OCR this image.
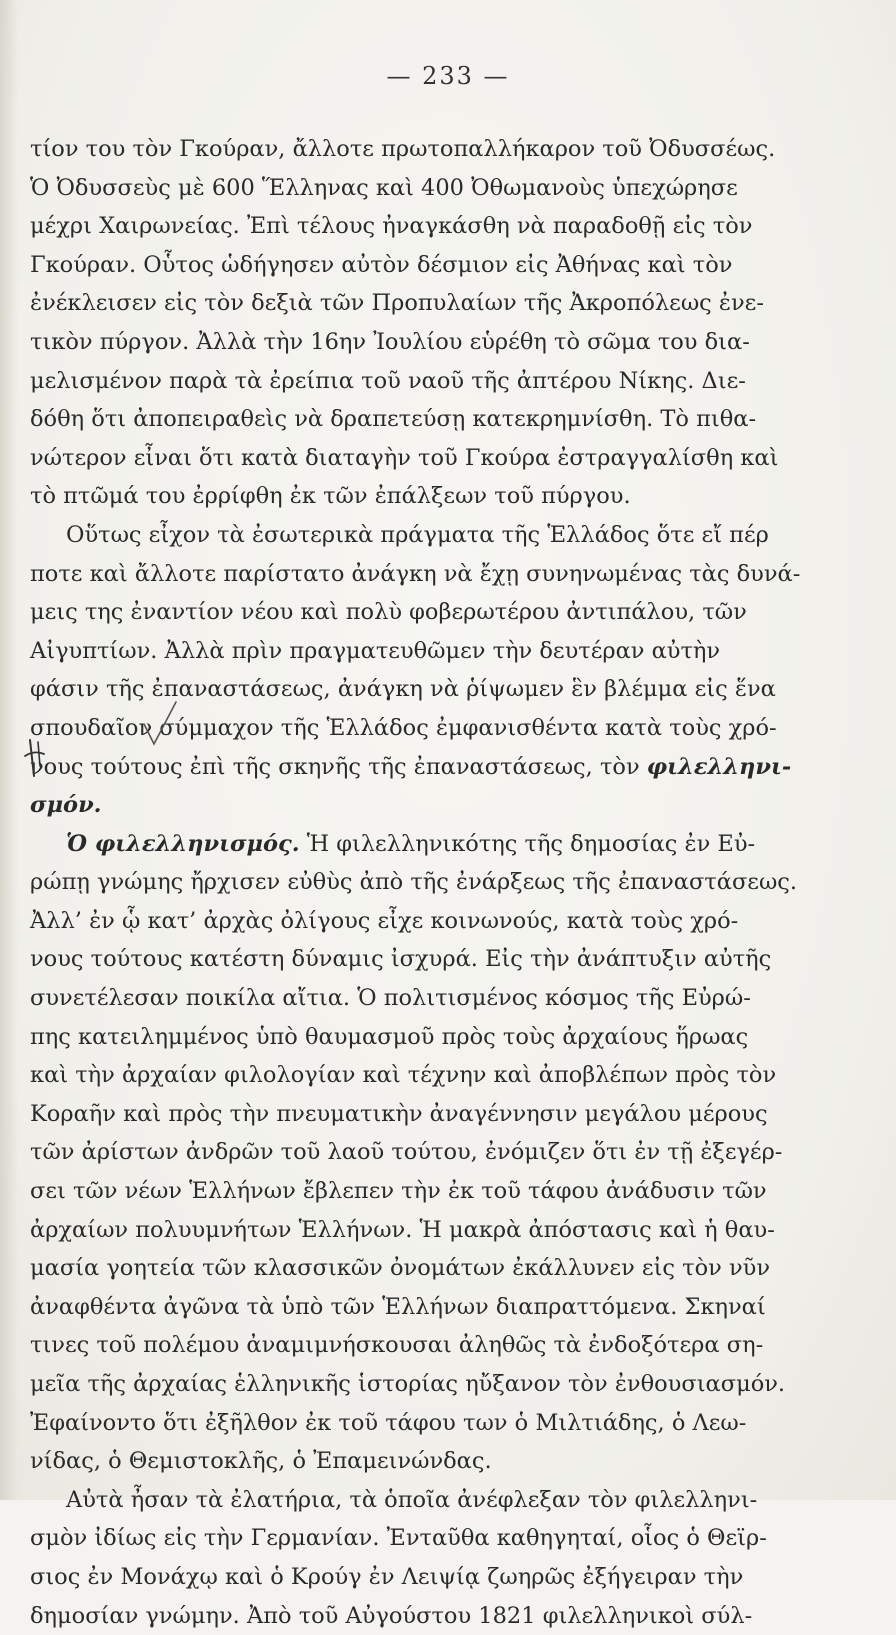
— 233 —
τίον του τὸν Γκούραν, ἄλλοτε πρωτοπαλλήκαρον τοῦ Ὀδυσσέως.
Ὁ Ὀδυσσεὺς μὲ 600 Ἕλληνας καὶ 400 Ὀθωμανοὺς ὑπεχώρησε
μέχρι Χαιρωνείας. Ἐπὶ τέλους ἠναγκάσθη νὰ παραδοθῇ εἰς τὸν
Γκούραν. Οὗτος ὡδήγησεν αὐτὸν δέσμιον εἰς Ἀθήνας καὶ τὸν
ἐνέκλεισεν εἰς τὸν δεξιὰ τῶν Προπυλαίων τῆς Ἀκροπόλεως ἐνε-
τικὸν πύργον. Ἀλλὰ τὴν 16ην Ἰουλίου εὑρέθη τὸ σῶμα του δια-
μελισμένον παρὰ τὰ ἐρείπια τοῦ ναοῦ τῆς ἀπτέρου Νίκης. Διε-
δόθη ὅτι ἀποπειραθεὶς νὰ δραπετεύσῃ κατεκρημνίσθη. Τὸ πιθα-
νώτερον εἶναι ὅτι κατὰ διαταγὴν τοῦ Γκούρα ἐστραγγαλίσθη καὶ
τὸ πτῶμά του ἐρρίφθη ἐκ τῶν ἐπάλξεων τοῦ πύργου.
Οὕτως εἶχον τὰ ἐσωτερικὰ πράγματα τῆς Ἑλλάδος ὅτε εἴ πέρ
ποτε καὶ ἄλλοτε παρίστατο ἀνάγκη νὰ ἔχῃ συνηνωμένας τὰς δυνά-
μεις της ἐναντίον νέου καὶ πολὺ φοβερωτέρου ἀντιπάλου, τῶν
Αἰγυπτίων. Ἀλλὰ πρὶν πραγματευθῶμεν τὴν δευτέραν αὐτὴν
φάσιν τῆς ἐπαναστάσεως, ἀνάγκη νὰ ῥίψωμεν ἓν βλέμμα εἰς ἕνα
σπουδαῖον σύμμαχον τῆς Ἑλλάδος ἐμφανισθέντα κατὰ τοὺς χρό-
νους τούτους ἐπὶ τῆς σκηνῆς τῆς ἐπαναστάσεως, τὸν φιλελληνι-
σμόν.
Ὁ φιλελληνισμός. Ἡ φιλελληνικότης τῆς δημοσίας ἐν Εὐ-
ρώπῃ γνώμης ἤρχισεν εὐθὺς ἀπὸ τῆς ἐνάρξεως τῆς ἐπαναστάσεως.
Ἀλλ’ ἐν ᾧ κατ’ ἀρχὰς ὀλίγους εἶχε κοινωνούς, κατὰ τοὺς χρό-
νους τούτους κατέστη δύναμις ἰσχυρά. Εἰς τὴν ἀνάπτυξιν αὐτῆς
συνετέλεσαν ποικίλα αἴτια. Ὁ πολιτισμένος κόσμος τῆς Εὐρώ-
πης κατειλημμένος ὑπὸ θαυμασμοῦ πρὸς τοὺς ἀρχαίους ἥρωας
καὶ τὴν ἀρχαίαν φιλολογίαν καὶ τέχνην καὶ ἀποβλέπων πρὸς τὸν
Κοραῆν καὶ πρὸς τὴν πνευματικὴν ἀναγέννησιν μεγάλου μέρους
τῶν ἀρίστων ἀνδρῶν τοῦ λαοῦ τούτου, ἐνόμιζεν ὅτι ἐν τῇ ἐξεγέρ-
σει τῶν νέων Ἑλλήνων ἔβλεπεν τὴν ἐκ τοῦ τάφου ἀνάδυσιν τῶν
ἀρχαίων πολυυμνήτων Ἑλλήνων. Ἡ μακρὰ ἀπόστασις καὶ ἡ θαυ-
μασία γοητεία τῶν κλασσικῶν ὀνομάτων ἐκάλλυνεν εἰς τὸν νῦν
ἀναφθέντα ἀγῶνα τὰ ὑπὸ τῶν Ἑλλήνων διαπραττόμενα. Σκηναί
τινες τοῦ πολέμου ἀναμιμνήσκουσαι ἀληθῶς τὰ ἐνδοξότερα ση-
μεῖα τῆς ἀρχαίας ἑλληνικῆς ἱστορίας ηὔξανον τὸν ἐνθουσιασμόν.
Ἐφαίνοντο ὅτι ἐξῆλθον ἐκ τοῦ τάφου των ὁ Μιλτιάδης, ὁ Λεω-
νίδας, ὁ Θεμιστοκλῆς, ὁ Ἐπαμεινώνδας.
Αὐτὰ ἦσαν τὰ ἐλατήρια, τὰ ὁποῖα ἀνέφλεξαν τὸν φιλελληνι-
σμὸν ἰδίως εἰς τὴν Γερμανίαν. Ἐνταῦθα καθηγηταί, οἷος ὁ Θεϊρ-
σιος ἐν Μονάχῳ καὶ ὁ Κρούγ ἐν Λειψίᾳ ζωηρῶς ἐξήγειραν τὴν
δημοσίαν γνώμην. Ἀπὸ τοῦ Αὐγούστου 1821 φιλελληνικοὶ σύλ-
